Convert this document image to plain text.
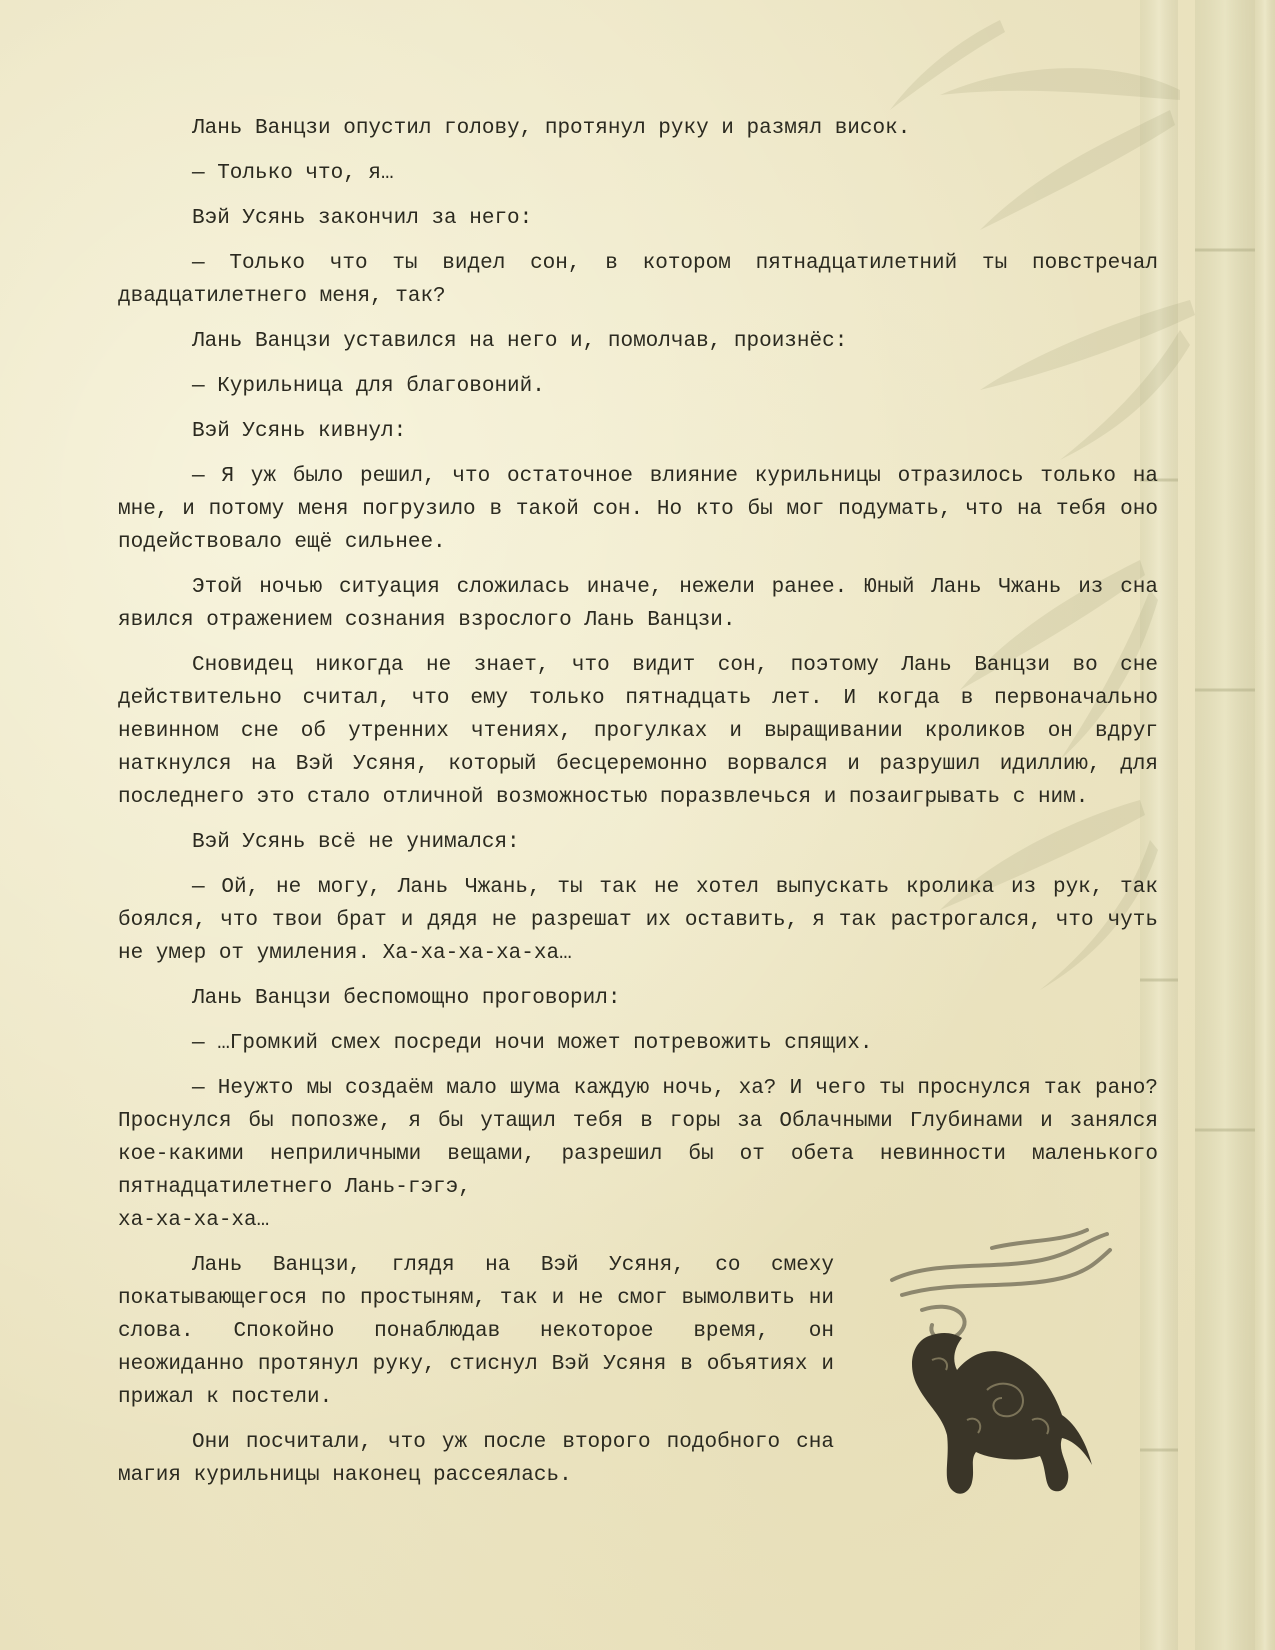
Лань Ванцзи опустил голову, протянул руку и размял висок.

— Только что, я…

Вэй Усянь закончил за него:

— Только что ты видел сон, в котором пятнадцатилетний ты повстречал двадцатилетнего меня, так?

Лань Ванцзи уставился на него и, помолчав, произнёс:

— Курильница для благовоний.

Вэй Усянь кивнул:

— Я уж было решил, что остаточное влияние курильницы отразилось только на мне, и потому меня погрузило в такой сон. Но кто бы мог подумать, что на тебя оно подействовало ещё сильнее.

Этой ночью ситуация сложилась иначе, нежели ранее. Юный Лань Чжань из сна явился отражением сознания взрослого Лань Ванцзи.

Сновидец никогда не знает, что видит сон, поэтому Лань Ванцзи во сне действительно считал, что ему только пятнадцать лет. И когда в первоначально невинном сне об утренних чтениях, прогулках и выращивании кроликов он вдруг наткнулся на Вэй Усяня, который бесцеремонно ворвался и разрушил идиллию, для последнего это стало отличной возможностью поразвлечься и позаигрывать с ним.

Вэй Усянь всё не унимался:

— Ой, не могу, Лань Чжань, ты так не хотел выпускать кролика из рук, так боялся, что твои брат и дядя не разрешат их оставить, я так растрогался, что чуть не умер от умиления. Ха-ха-ха-ха-ха…

Лань Ванцзи беспомощно проговорил:

— …Громкий смех посреди ночи может потревожить спящих.

— Неужто мы создаём мало шума каждую ночь, ха? И чего ты проснулся так рано? Проснулся бы попозже, я бы утащил тебя в горы за Облачными Глубинами и занялся кое-какими неприличными вещами, разрешил бы от обета невинности маленького пятнадцатилетнего Лань-гэгэ,

ха-ха-ха-ха…

Лань Ванцзи, глядя на Вэй Усяня, со смеху покатывающегося по простыням, так и не смог вымолвить ни слова. Спокойно понаблюдав некоторое время, он неожиданно протянул руку, стиснул Вэй Усяня в объятиях и прижал к постели.

Они посчитали, что уж после второго подобного сна магия курильницы наконец рассеялась.
